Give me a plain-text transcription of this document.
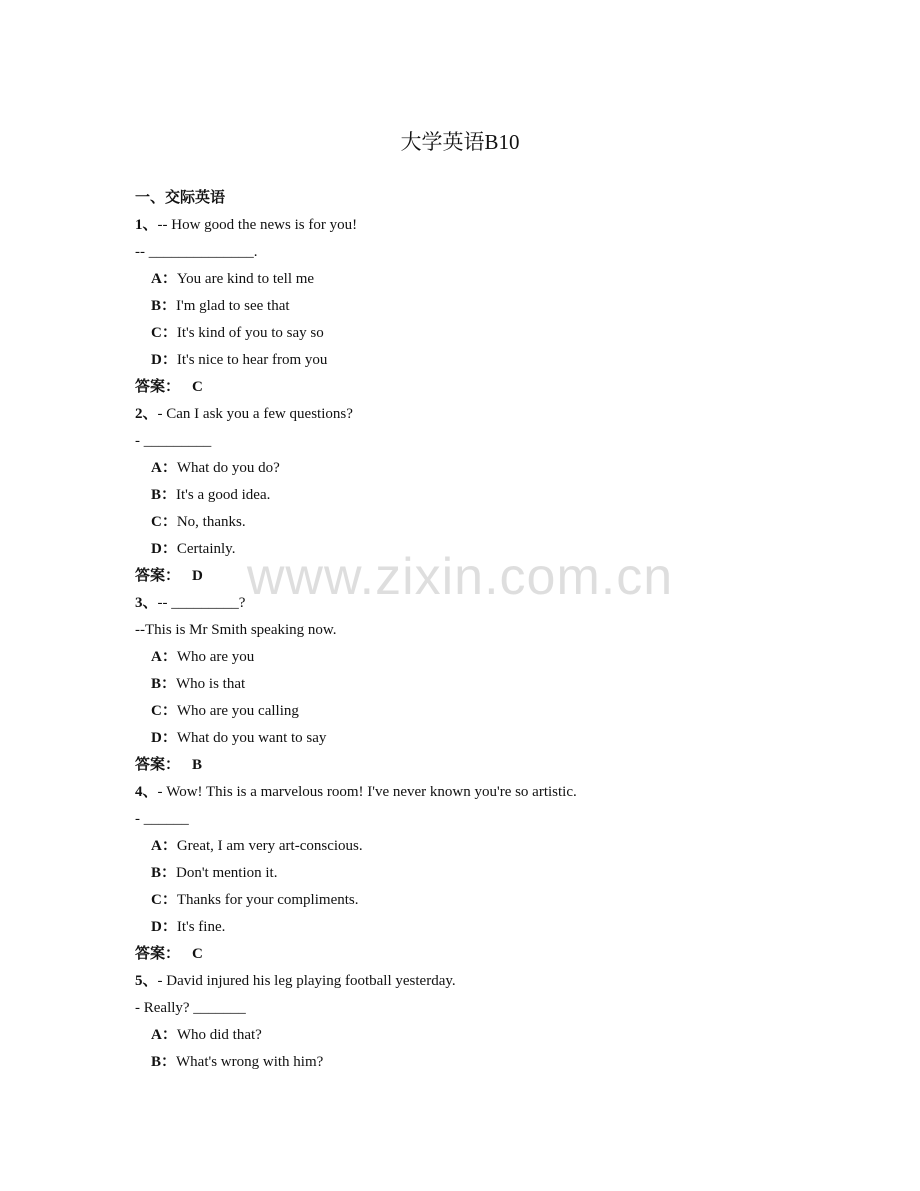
大学英语B10
www.zixin.com.cn
一、交际英语
1、-- How good the news is for you!
-- ______________.
A：You are kind to tell me
B：I'm glad to see that
C：It's kind of you to say so
D：It's nice to hear from you
答案： C
2、- Can I ask you a few questions?
- _________
A：What do you do?
B：It's a good idea.
C：No, thanks.
D：Certainly.
答案： D
3、-- _________?
--This is Mr Smith speaking now.
A：Who are you
B：Who is that
C：Who are you calling
D：What do you want to say
答案： B
4、- Wow! This is a marvelous room! I've never known you're so artistic.
- ______
A：Great, I am very art-conscious.
B：Don't mention it.
C：Thanks for your compliments.
D：It's fine.
答案： C
5、- David injured his leg playing football yesterday.
- Really? _______
A：Who did that?
B：What's wrong with him?
